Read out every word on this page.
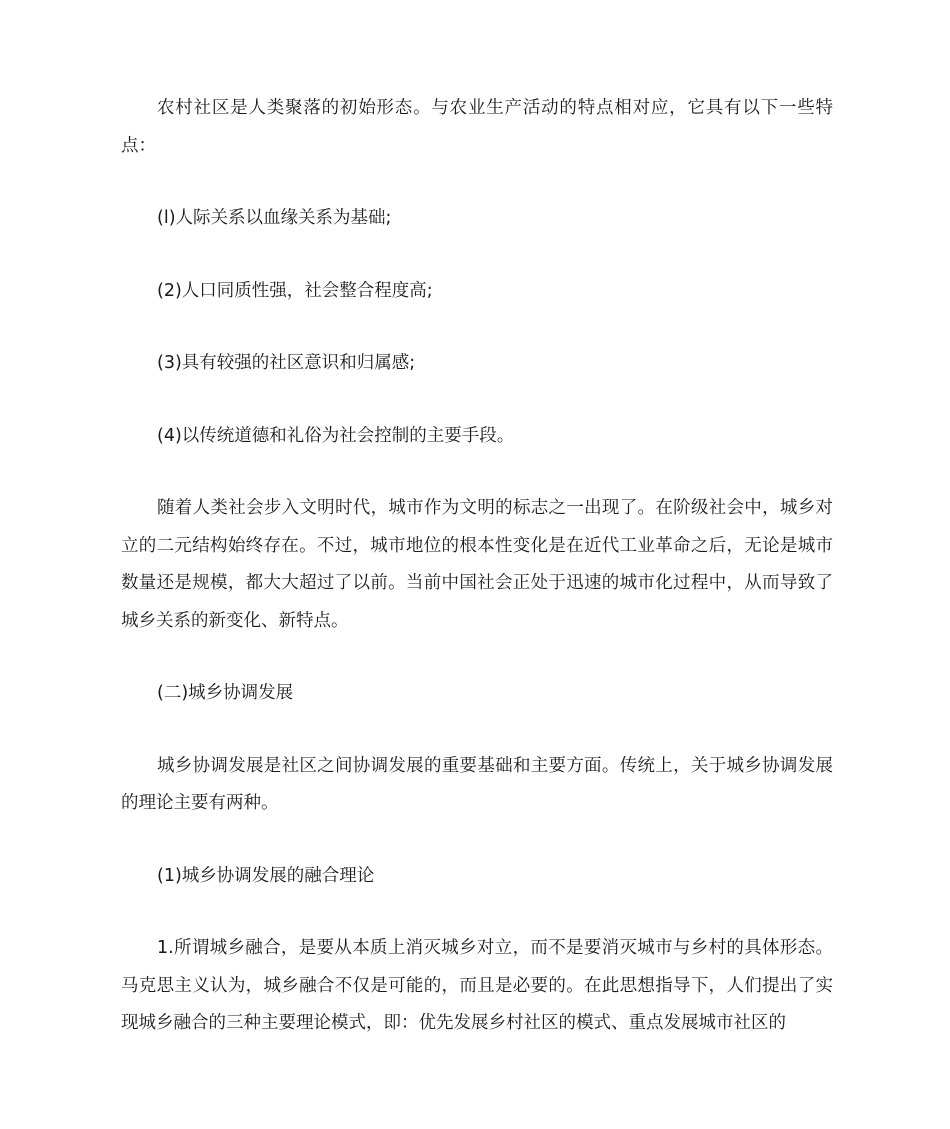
农村社区是人类聚落的初始形态。与农业生产活动的特点相对应，它具有以下一些特点：

(l)人际关系以血缘关系为基础;

(2)人口同质性强，社会整合程度高;

(3)具有较强的社区意识和归属感;

(4)以传统道德和礼俗为社会控制的主要手段。

随着人类社会步入文明时代，城市作为文明的标志之一出现了。在阶级社会中，城乡对立的二元结构始终存在。不过，城市地位的根本性变化是在近代工业革命之后，无论是城市数量还是规模，都大大超过了以前。当前中国社会正处于迅速的城市化过程中，从而导致了城乡关系的新变化、新特点。

(二)城乡协调发展

城乡协调发展是社区之间协调发展的重要基础和主要方面。传统上，关于城乡协调发展的理论主要有两种。

(1)城乡协调发展的融合理论

1.所谓城乡融合，是要从本质上消灭城乡对立，而不是要消灭城市与乡村的具体形态。马克思主义认为，城乡融合不仅是可能的，而且是必要的。在此思想指导下，人们提出了实现城乡融合的三种主要理论模式，即：优先发展乡村社区的模式、重点发展城市社区的
